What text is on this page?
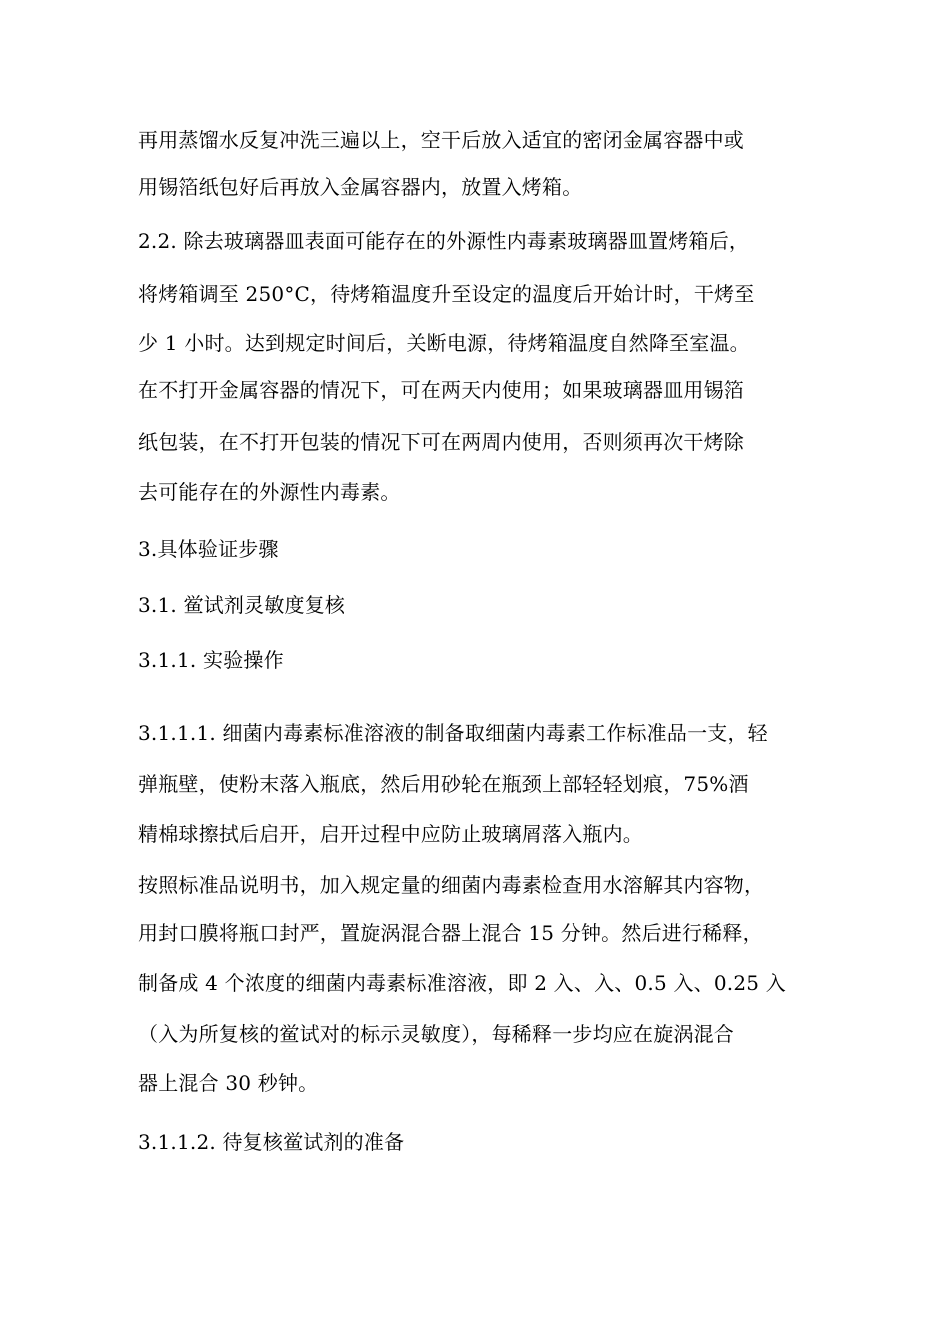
再用蒸馏水反复冲洗三遍以上，空干后放入适宜的密闭金属容器中或
用锡箔纸包好后再放入金属容器内，放置入烤箱。
2.2. 除去玻璃器皿表面可能存在的外源性内毒素玻璃器皿置烤箱后，
将烤箱调至 250°C，待烤箱温度升至设定的温度后开始计时，干烤至
少 1 小时。达到规定时间后，关断电源，待烤箱温度自然降至室温。
在不打开金属容器的情况下，可在两天内使用；如果玻璃器皿用锡箔
纸包装，在不打开包装的情况下可在两周内使用，否则须再次干烤除
去可能存在的外源性内毒素。
3.具体验证步骤
3.1. 鲎试剂灵敏度复核
3.1.1. 实验操作
3.1.1.1. 细菌内毒素标准溶液的制备取细菌内毒素工作标准品一支，轻
弹瓶壁，使粉末落入瓶底，然后用砂轮在瓶颈上部轻轻划痕，75%酒
精棉球擦拭后启开，启开过程中应防止玻璃屑落入瓶内。
按照标准品说明书，加入规定量的细菌内毒素检查用水溶解其内容物，
用封口膜将瓶口封严，置旋涡混合器上混合 15 分钟。然后进行稀释，
制备成 4 个浓度的细菌内毒素标准溶液，即 2 入、入、0.5 入、0.25 入
（入为所复核的鲎试对的标示灵敏度），每稀释一步均应在旋涡混合
器上混合 30 秒钟。
3.1.1.2. 待复核鲎试剂的准备
